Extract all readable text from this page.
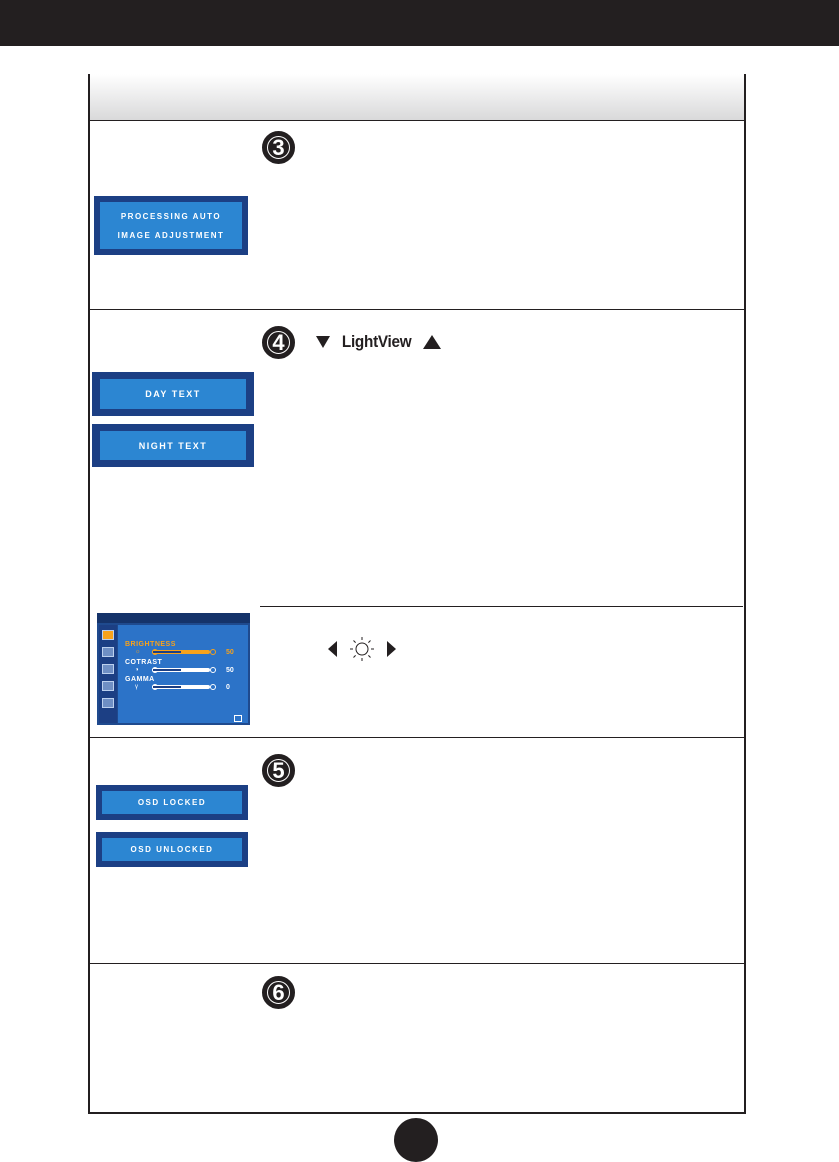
3
PROCESSING AUTO
IMAGE ADJUSTMENT
4	LightView
DAY TEXT
NIGHT TEXT
BRIGHTNESS
☼	50
COTRAST
◑	50
GAMMA
γ	0
5
OSD LOCKED
OSD UNLOCKED
6
